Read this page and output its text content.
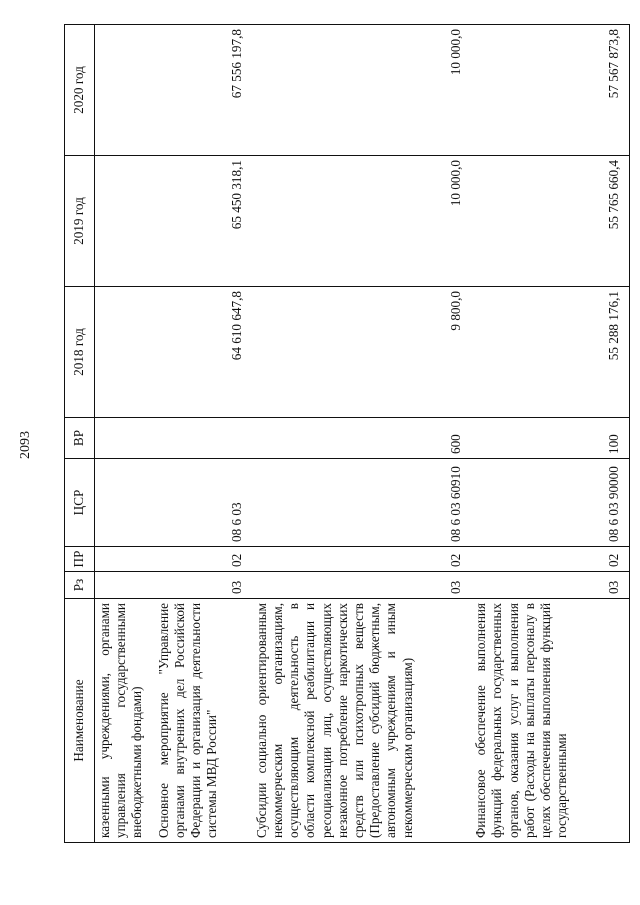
2093
Наименование	Рз	ПР	ЦСР	ВР	2018 год	2019 год	2020 год
казенными учреждениями, органами управления государственными внебюджетными фондами)							
Основное мероприятие "Управление органами внутренних дел Российской Федерации и организация деятельности системы МВД России"	03	02	08 6 03		64 610 647,8	65 450 318,1	67 556 197,8
Субсидии социально ориентированным некоммерческим организациям, осуществляющим деятельность в области комплексной реабилитации и ресоциализации лиц, осуществляющих незаконное потребление наркотических средств или психотропных веществ (Предоставление субсидий бюджетным, автономным учреждениям и иным некоммерческим организациям)	03	02	08 6 03 60910	600	9 800,0	10 000,0	10 000,0
Финансовое обеспечение выполнения функций федеральных государственных органов, оказания услуг и выполнения работ (Расходы на выплаты персоналу в целях обеспечения выполнения функций государственными	03	02	08 6 03 90000	100	55 288 176,1	55 765 660,4	57 567 873,8
